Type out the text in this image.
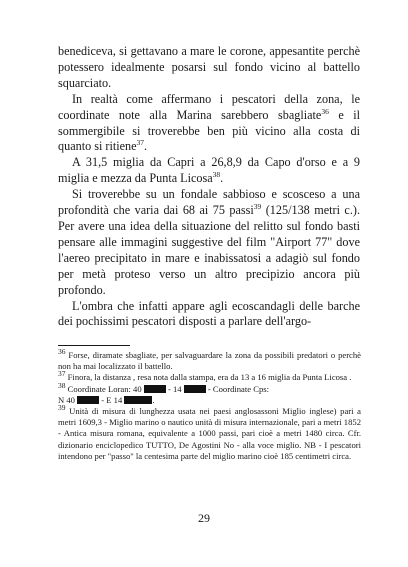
benediceva, si gettavano a mare le corone, appesantite perchè potessero idealmente posarsi sul fondo vicino al battello squarciato.

In realtà come affermano i pescatori della zona, le coordinate note alla Marina sarebbero sbagliate$^{36}$ e il sommergibile si troverebbe ben più vicino alla costa di quanto si ritiene$^{37}$.

A 31,5 miglia da Capri a 26,8,9 da Capo d'orso e a 9 miglia e mezza da Punta Licosa$^{38}$.

Si troverebbe su un fondale sabbioso e scosceso a una profondità che varia dai 68 ai 75 passi$^{39}$ (125/138 metri c.). Per avere una idea della situazione del relitto sul fondo basti pensare alle immagini suggestive del film "Airport 77" dove l'aereo precipitato in mare e inabissatosi a adagiò sul fondo per metà proteso verso un altro precipizio ancora più profondo.

L'ombra che infatti appare agli ecoscandagli delle barche dei pochissimi pescatori disposti a parlare dell'argo-

$^{36}$ Forse, diramate sbagliate, per salvaguardare la zona da possibili predatori o perchè non ha mai localizzato il battello.

$^{37}$ Finora, la distanza , resa nota dalla stampa, era da 13 a 16 miglia da Punta Licosa .

$^{38}$ Coordinate Loran: 40	- 14	- Coordinate Cps:
N 40	- E 14	.

$^{39}$ Unità di misura di lunghezza usata nei paesi anglosassoni Miglio inglese) pari a metri 1609,3 - Miglio marino o nautico unità di misura internazionale, pari a metri 1852 - Antica misura romana, equivalente a 1000 passi, pari cioè a metri 1480 circa. Cfr. dizionario enciclopedico TUTTO, De Agostini No - alla voce miglio. NB - I pescatori intendono per "passo" la centesima parte del miglio marino cioè 185 centimetri circa.

29
